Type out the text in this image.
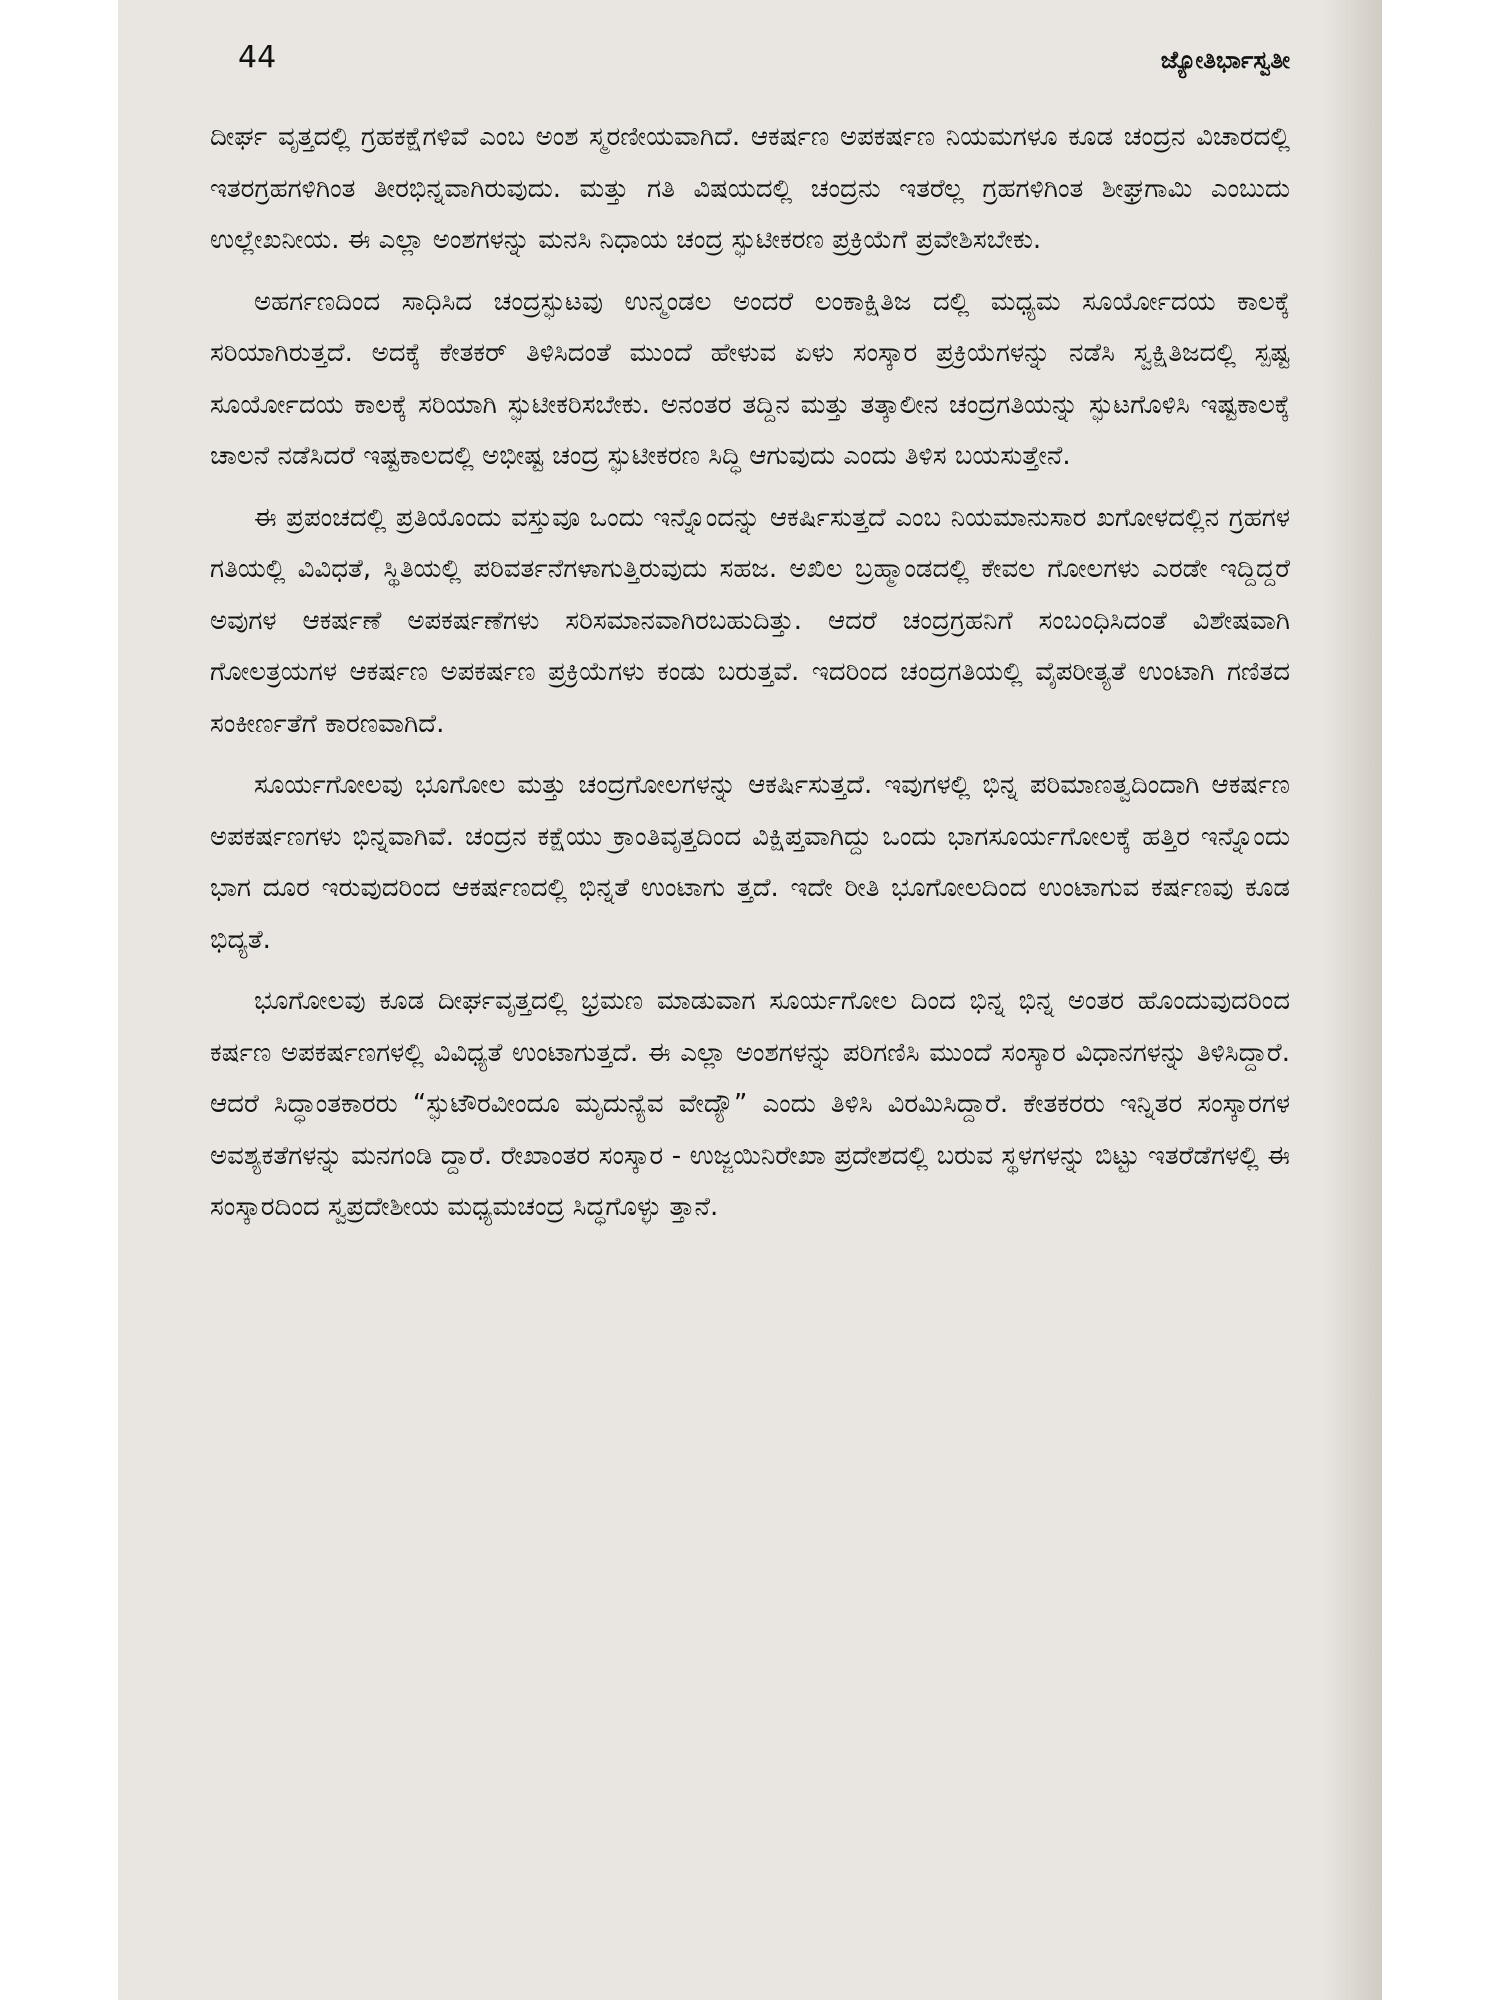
44	ಜ್ಯೋತಿರ್ಭಾಸ್ವತೀ

ದೀರ್ಘ ವೃತ್ತದಲ್ಲಿ ಗ್ರಹಕಕ್ಷೆಗಳಿವೆ ಎಂಬ ಅಂಶ ಸ್ಮರಣೀಯವಾಗಿದೆ. ಆಕರ್ಷಣ ಅಪಕರ್ಷಣ ನಿಯಮಗಳೂ ಕೂಡ ಚಂದ್ರನ ವಿಚಾರದಲ್ಲಿ ಇತರಗ್ರಹಗಳಿಗಿಂತ ತೀರಭಿನ್ನವಾಗಿರುವುದು. ಮತ್ತು ಗತಿ ವಿಷಯದಲ್ಲಿ ಚಂದ್ರನು ಇತರೆಲ್ಲ ಗ್ರಹಗಳಿಗಿಂತ ಶೀಘ್ರಗಾಮಿ ಎಂಬುದು ಉಲ್ಲೇಖನೀಯ. ಈ ಎಲ್ಲಾ ಅಂಶಗಳನ್ನು ಮನಸಿ ನಿಧಾಯ ಚಂದ್ರ ಸ್ಫುಟೀಕರಣ ಪ್ರಕ್ರಿಯೆಗೆ ಪ್ರವೇಶಿಸಬೇಕು.

ಅಹರ್ಗಣದಿಂದ ಸಾಧಿಸಿದ ಚಂದ್ರಸ್ಫುಟವು ಉನ್ಮಂಡಲ ಅಂದರೆ ಲಂಕಾಕ್ಷಿತಿಜ ದಲ್ಲಿ ಮಧ್ಯಮ ಸೂರ್ಯೋದಯ ಕಾಲಕ್ಕೆ ಸರಿಯಾಗಿರುತ್ತದೆ. ಅದಕ್ಕೆ ಕೇತಕರ್ ತಿಳಿಸಿದಂತೆ ಮುಂದೆ ಹೇಳುವ ಏಳು ಸಂಸ್ಕಾರ ಪ್ರಕ್ರಿಯೆಗಳನ್ನು ನಡೆಸಿ ಸ್ವಕ್ಷಿತಿಜದಲ್ಲಿ ಸ್ಪಷ್ಟ ಸೂರ್ಯೋದಯ ಕಾಲಕ್ಕೆ ಸರಿಯಾಗಿ ಸ್ಫುಟೀಕರಿಸಬೇಕು. ಅನಂತರ ತದ್ದಿನ ಮತ್ತು ತತ್ಕಾಲೀನ ಚಂದ್ರಗತಿಯನ್ನು ಸ್ಫುಟಗೊಳಿಸಿ ಇಷ್ಟಕಾಲಕ್ಕೆ ಚಾಲನೆ ನಡೆಸಿದರೆ ಇಷ್ಟಕಾಲದಲ್ಲಿ ಅಭೀಷ್ಟ ಚಂದ್ರ ಸ್ಫುಟೀಕರಣ ಸಿದ್ಧಿ ಆಗುವುದು ಎಂದು ತಿಳಿಸ ಬಯಸುತ್ತೇನೆ.

ಈ ಪ್ರಪಂಚದಲ್ಲಿ ಪ್ರತಿಯೊಂದು ವಸ್ತುವೂ ಒಂದು ಇನ್ನೊಂದನ್ನು ಆಕರ್ಷಿಸುತ್ತದೆ ಎಂಬ ನಿಯಮಾನುಸಾರ ಖಗೋಳದಲ್ಲಿನ ಗ್ರಹಗಳ ಗತಿಯಲ್ಲಿ ವಿವಿಧತೆ, ಸ್ಥಿತಿಯಲ್ಲಿ ಪರಿವರ್ತನೆಗಳಾಗುತ್ತಿರುವುದು ಸಹಜ. ಅಖಿಲ ಬ್ರಹ್ಮಾಂಡದಲ್ಲಿ ಕೇವಲ ಗೋಲಗಳು ಎರಡೇ ಇದ್ದಿದ್ದರೆ ಅವುಗಳ ಆಕರ್ಷಣೆ ಅಪಕರ್ಷಣೆಗಳು ಸರಿಸಮಾನವಾಗಿರಬಹುದಿತ್ತು. ಆದರೆ ಚಂದ್ರಗ್ರಹನಿಗೆ ಸಂಬಂಧಿಸಿದಂತೆ ವಿಶೇಷವಾಗಿ ಗೋಲತ್ರಯಗಳ ಆಕರ್ಷಣ ಅಪಕರ್ಷಣ ಪ್ರಕ್ರಿಯೆಗಳು ಕಂಡು ಬರುತ್ತವೆ. ಇದರಿಂದ ಚಂದ್ರಗತಿಯಲ್ಲಿ ವೈಪರೀತ್ಯತೆ ಉಂಟಾಗಿ ಗಣಿತದ ಸಂಕೀರ್ಣತೆಗೆ ಕಾರಣವಾಗಿದೆ.

ಸೂರ್ಯಗೋಲವು ಭೂಗೋಲ ಮತ್ತು ಚಂದ್ರಗೋಲಗಳನ್ನು ಆಕರ್ಷಿಸುತ್ತದೆ. ಇವುಗಳಲ್ಲಿ ಭಿನ್ನ ಪರಿಮಾಣತ್ವದಿಂದಾಗಿ ಆಕರ್ಷಣ ಅಪಕರ್ಷಣಗಳು ಭಿನ್ನವಾಗಿವೆ. ಚಂದ್ರನ ಕಕ್ಷೆಯು ಕ್ರಾಂತಿವೃತ್ತದಿಂದ ವಿಕ್ಷಿಪ್ತವಾಗಿದ್ದು ಒಂದು ಭಾಗಸೂರ್ಯಗೋಲಕ್ಕೆ ಹತ್ತಿರ ಇನ್ನೊಂದು ಭಾಗ ದೂರ ಇರುವುದರಿಂದ ಆಕರ್ಷಣದಲ್ಲಿ ಭಿನ್ನತೆ ಉಂಟಾಗು ತ್ತದೆ. ಇದೇ ರೀತಿ ಭೂಗೋಲದಿಂದ ಉಂಟಾಗುವ ಕರ್ಷಣವು ಕೂಡ ಭಿದ್ಯತೆ.

ಭೂಗೋಲವು ಕೂಡ ದೀರ್ಘವೃತ್ತದಲ್ಲಿ ಭ್ರಮಣ ಮಾಡುವಾಗ ಸೂರ್ಯಗೋಲ ದಿಂದ ಭಿನ್ನ ಭಿನ್ನ ಅಂತರ ಹೊಂದುವುದರಿಂದ ಕರ್ಷಣ ಅಪಕರ್ಷಣಗಳಲ್ಲಿ ವಿವಿಧ್ಯತೆ ಉಂಟಾಗುತ್ತದೆ. ಈ ಎಲ್ಲಾ ಅಂಶಗಳನ್ನು ಪರಿಗಣಿಸಿ ಮುಂದೆ ಸಂಸ್ಕಾರ ವಿಧಾನಗಳನ್ನು ತಿಳಿಸಿದ್ದಾರೆ. ಆದರೆ ಸಿದ್ಧಾಂತಕಾರರು “ಸ್ಫುಟೌರವೀಂದೂ ಮೃದುನ್ಯೆವ ವೇದ್ಯೌ” ಎಂದು ತಿಳಿಸಿ ವಿರಮಿಸಿದ್ದಾರೆ. ಕೇತಕರರು ಇನ್ನಿತರ ಸಂಸ್ಕಾರಗಳ ಅವಶ್ಯಕತೆಗಳನ್ನು ಮನಗಂಡಿ ದ್ದಾರೆ. ರೇಖಾಂತರ ಸಂಸ್ಕಾರ - ಉಜ್ಜಯಿನಿರೇಖಾ ಪ್ರದೇಶದಲ್ಲಿ ಬರುವ ಸ್ಥಳಗಳನ್ನು ಬಿಟ್ಟು ಇತರೆಡೆಗಳಲ್ಲಿ ಈ ಸಂಸ್ಕಾರದಿಂದ ಸ್ವಪ್ರದೇಶೀಯ ಮಧ್ಯಮಚಂದ್ರ ಸಿದ್ಧಗೊಳ್ಳು ತ್ತಾನೆ.
